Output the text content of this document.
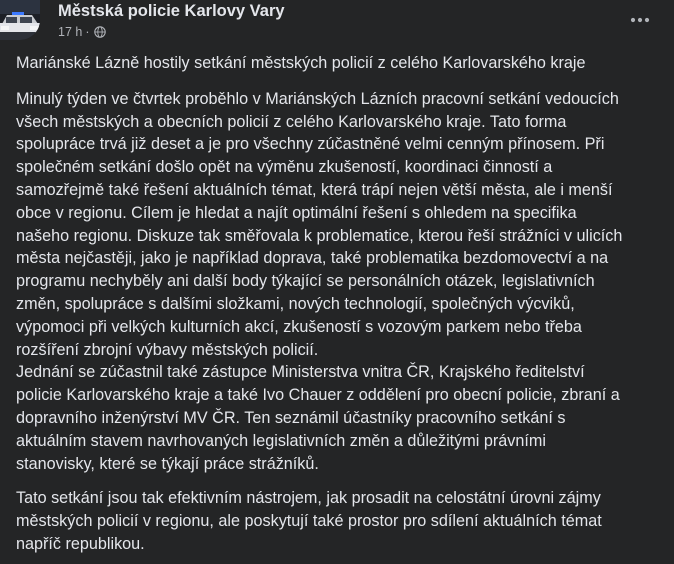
Městská policie Karlovy Vary
17 h ·

Mariánské Lázně hostily setkání městských policií z celého Karlovarského kraje

Minulý týden ve čtvrtek proběhlo v Mariánských Lázních pracovní setkání vedoucích
všech městských a obecních policií z celého Karlovarského kraje. Tato forma
spolupráce trvá již deset a je pro všechny zúčastněné velmi cenným přínosem. Při
společném setkání došlo opět na výměnu zkušeností, koordinaci činností a
samozřejmě také řešení aktuálních témat, která trápí nejen větší města, ale i menší
obce v regionu. Cílem je hledat a najít optimální řešení s ohledem na specifika
našeho regionu. Diskuze tak směřovala k problematice, kterou řeší strážníci v ulicích
města nejčastěji, jako je například doprava, také problematika bezdomovectví a na
programu nechyběly ani další body týkající se personálních otázek, legislativních
změn, spolupráce s dalšími složkami, nových technologií, společných výcviků,
výpomoci při velkých kulturních akcí, zkušeností s vozovým parkem nebo třeba
rozšíření zbrojní výbavy městských policií.

Jednání se zúčastnil také zástupce Ministerstva vnitra ČR, Krajského ředitelství
policie Karlovarského kraje a také Ivo Chauer z oddělení pro obecní policie, zbraní a
dopravního inženýrství MV ČR. Ten seznámil účastníky pracovního setkání s
aktuálním stavem navrhovaných legislativních změn a důležitými právními
stanovisky, které se týkají práce strážníků.

Tato setkání jsou tak efektivním nástrojem, jak prosadit na celostátní úrovni zájmy
městských policií v regionu, ale poskytují také prostor pro sdílení aktuálních témat
napříč republikou.
